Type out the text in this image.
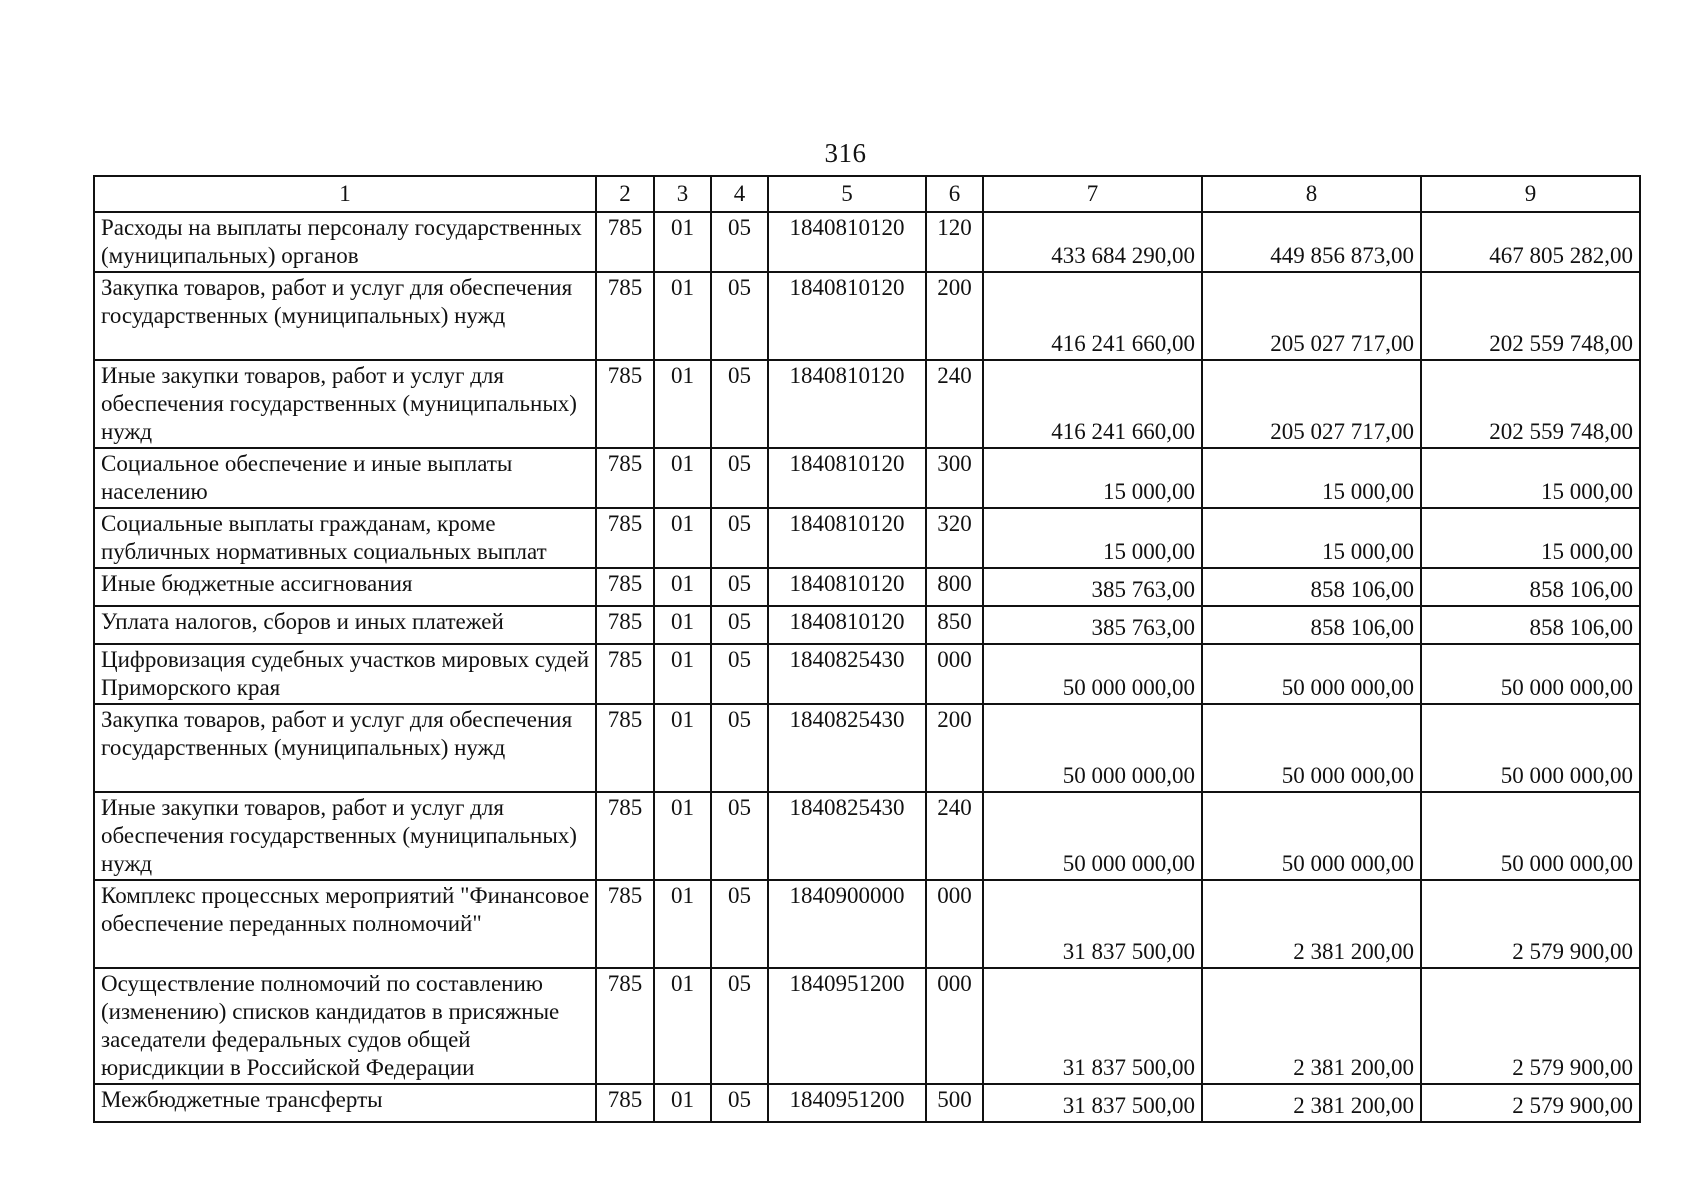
316
1	2	3	4	5	6	7	8	9
Расходы на выплаты персоналу государственных (муниципальных) органов	785	01	05	1840810120	120	433 684 290,00	449 856 873,00	467 805 282,00
Закупка товаров, работ и услуг для обеспечения государственных (муниципальных) нужд	785	01	05	1840810120	200	416 241 660,00	205 027 717,00	202 559 748,00
Иные закупки товаров, работ и услуг для обеспечения государственных (муниципальных) нужд	785	01	05	1840810120	240	416 241 660,00	205 027 717,00	202 559 748,00
Социальное обеспечение и иные выплаты населению	785	01	05	1840810120	300	15 000,00	15 000,00	15 000,00
Социальные выплаты гражданам, кроме публичных нормативных социальных выплат	785	01	05	1840810120	320	15 000,00	15 000,00	15 000,00
Иные бюджетные ассигнования	785	01	05	1840810120	800	385 763,00	858 106,00	858 106,00
Уплата налогов, сборов и иных платежей	785	01	05	1840810120	850	385 763,00	858 106,00	858 106,00
Цифровизация судебных участков мировых судей Приморского края	785	01	05	1840825430	000	50 000 000,00	50 000 000,00	50 000 000,00
Закупка товаров, работ и услуг для обеспечения государственных (муниципальных) нужд	785	01	05	1840825430	200	50 000 000,00	50 000 000,00	50 000 000,00
Иные закупки товаров, работ и услуг для обеспечения государственных (муниципальных) нужд	785	01	05	1840825430	240	50 000 000,00	50 000 000,00	50 000 000,00
Комплекс процессных мероприятий "Финансовое обеспечение переданных полномочий"	785	01	05	1840900000	000	31 837 500,00	2 381 200,00	2 579 900,00
Осуществление полномочий по составлению (изменению) списков кандидатов в присяжные заседатели федеральных судов общей юрисдикции в Российской Федерации	785	01	05	1840951200	000	31 837 500,00	2 381 200,00	2 579 900,00
Межбюджетные трансферты	785	01	05	1840951200	500	31 837 500,00	2 381 200,00	2 579 900,00
